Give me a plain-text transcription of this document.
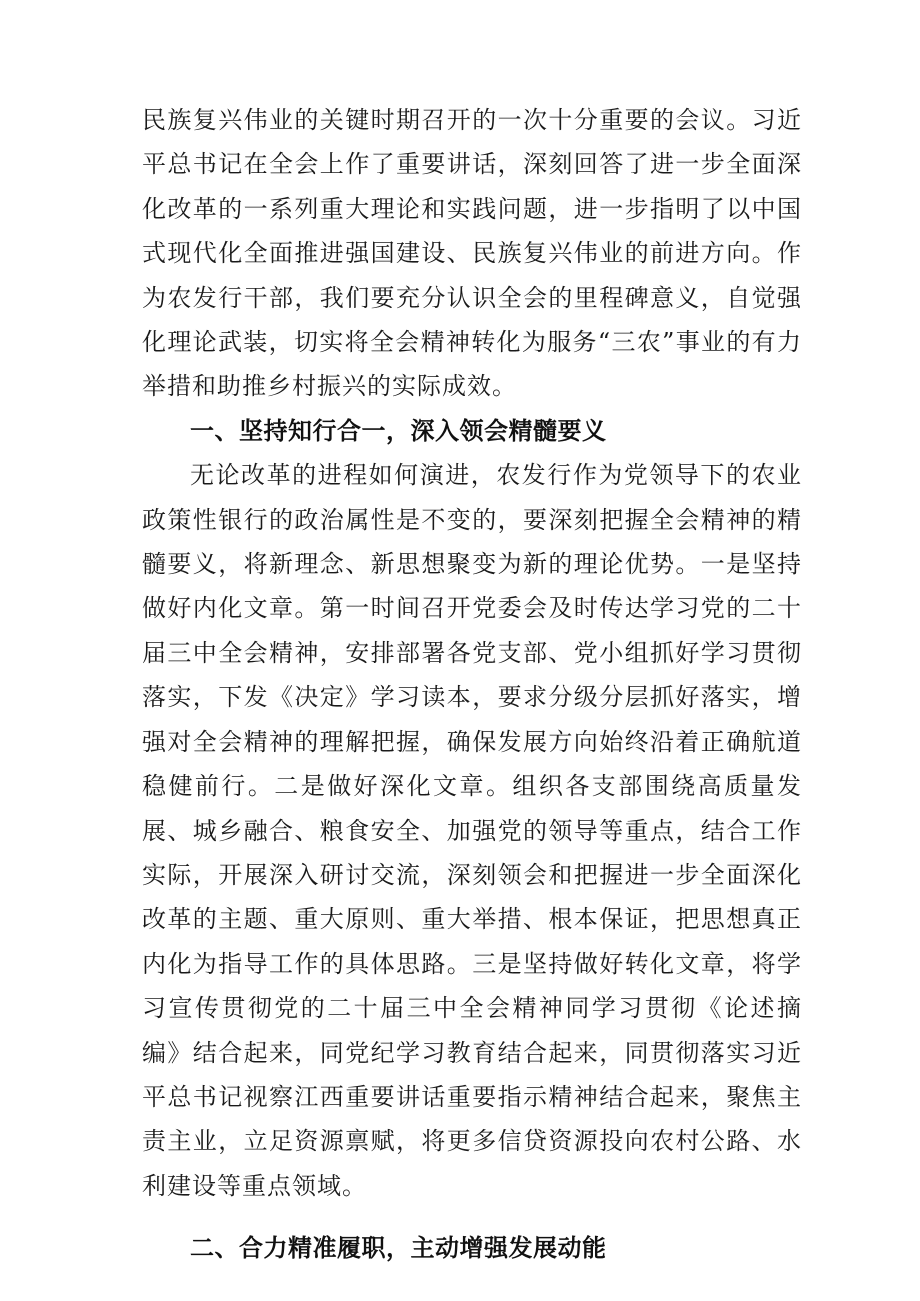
民族复兴伟业的关键时期召开的一次十分重要的会议。习近平总书记在全会上作了重要讲话，深刻回答了进一步全面深化改革的一系列重大理论和实践问题，进一步指明了以中国式现代化全面推进强国建设、民族复兴伟业的前进方向。作为农发行干部，我们要充分认识全会的里程碑意义，自觉强化理论武装，切实将全会精神转化为服务“三农”事业的有力举措和助推乡村振兴的实际成效。

一、坚持知行合一，深入领会精髓要义

无论改革的进程如何演进，农发行作为党领导下的农业政策性银行的政治属性是不变的，要深刻把握全会精神的精髓要义，将新理念、新思想聚变为新的理论优势。一是坚持做好内化文章。第一时间召开党委会及时传达学习党的二十届三中全会精神，安排部署各党支部、党小组抓好学习贯彻落实，下发《决定》学习读本，要求分级分层抓好落实，增强对全会精神的理解把握，确保发展方向始终沿着正确航道稳健前行。二是做好深化文章。组织各支部围绕高质量发展、城乡融合、粮食安全、加强党的领导等重点，结合工作实际，开展深入研讨交流，深刻领会和把握进一步全面深化改革的主题、重大原则、重大举措、根本保证，把思想真正内化为指导工作的具体思路。三是坚持做好转化文章，将学习宣传贯彻党的二十届三中全会精神同学习贯彻《论述摘编》结合起来，同党纪学习教育结合起来，同贯彻落实习近平总书记视察江西重要讲话重要指示精神结合起来，聚焦主责主业，立足资源禀赋，将更多信贷资源投向农村公路、水利建设等重点领域。

二、合力精准履职，主动增强发展动能
